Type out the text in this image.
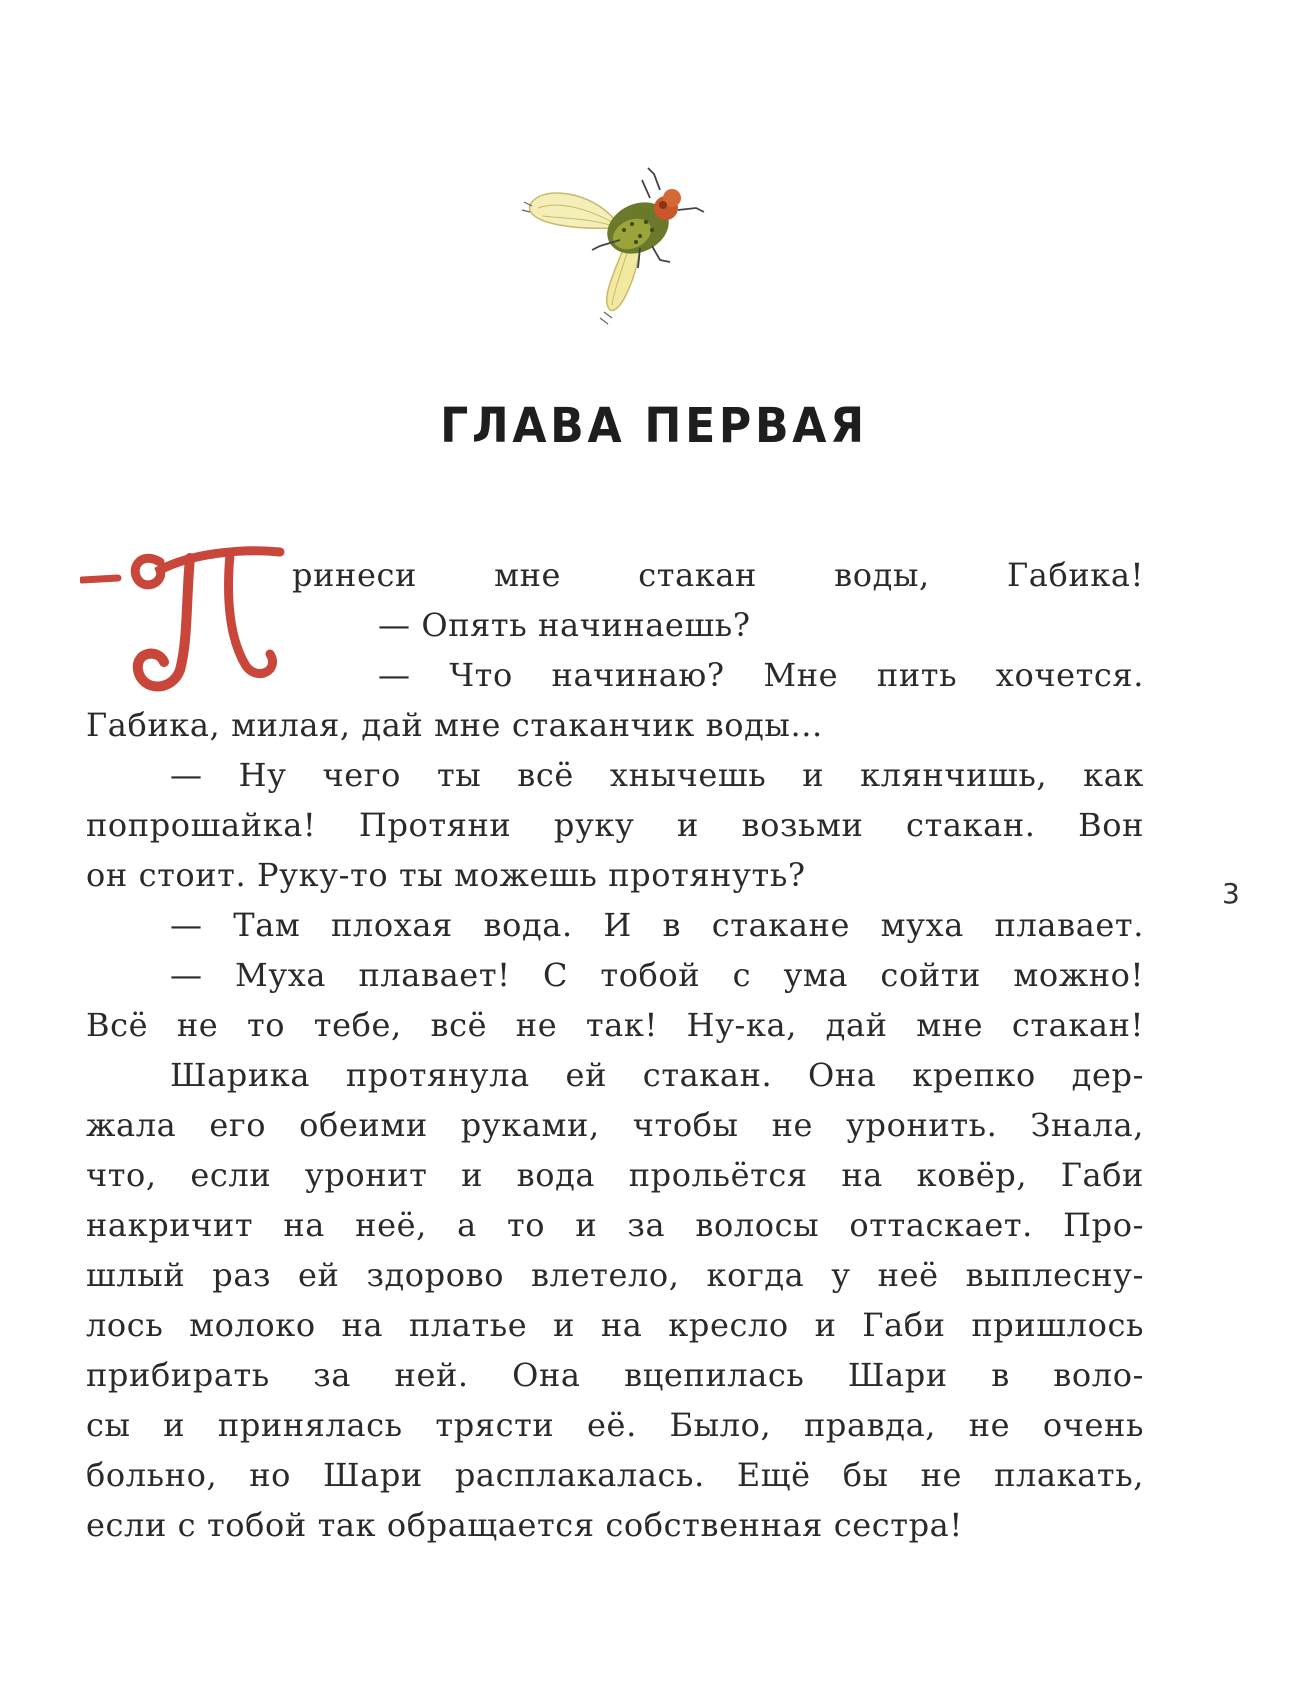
ГЛАВА ПЕРВАЯ
ринеси мне стакан воды, Габика!
— Опять начинаешь?
— Что начинаю? Мне пить хочется.
Габика, милая, дай мне стаканчик воды...
— Ну чего ты всё хнычешь и клянчишь, как
попрошайка! Протяни руку и возьми стакан. Вон
он стоит. Руку-то ты можешь протянуть?
— Там плохая вода. И в стакане муха плавает.
— Муха плавает! С тобой с ума сойти можно!
Всё не то тебе, всё не так! Ну-ка, дай мне стакан!
Шарика протянула ей стакан. Она крепко дер-
жала его обеими руками, чтобы не уронить. Знала,
что, если уронит и вода прольётся на ковёр, Габи
накричит на неё, а то и за волосы оттаскает. Про-
шлый раз ей здорово влетело, когда у неё выплесну-
лось молоко на платье и на кресло и Габи пришлось
прибирать за ней. Она вцепилась Шари в воло-
сы и принялась трясти её. Было, правда, не очень
больно, но Шари расплакалась. Ещё бы не плакать,
если с тобой так обращается собственная сестра!
3
